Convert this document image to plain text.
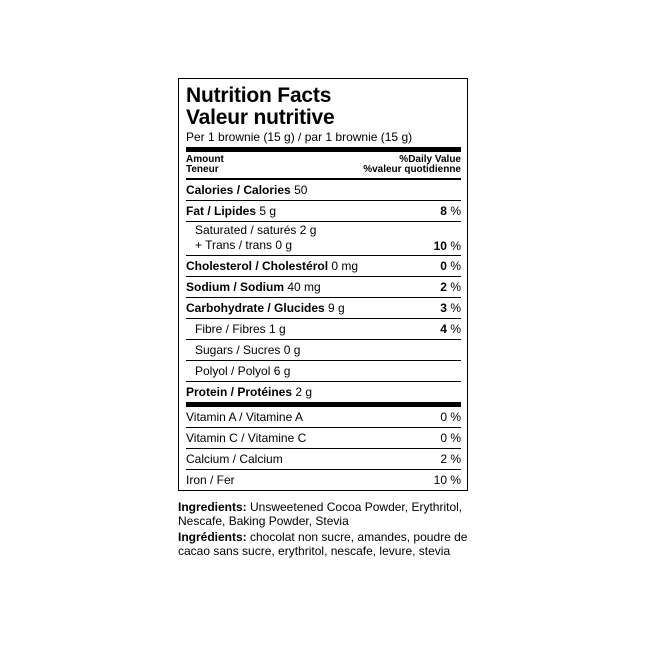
Nutrition Facts
Valeur nutritive
Per 1 brownie (15 g) / par 1 brownie (15 g)
Amount
Teneur
%Daily Value
%valeur quotidienne
Calories / Calories 50
Fat / Lipides 5 g	8 %
Saturated / saturés 2 g
+ Trans / trans 0 g	10 %
Cholesterol / Cholestérol 0 mg	0 %
Sodium / Sodium 40 mg	2 %
Carbohydrate / Glucides 9 g	3 %
Fibre / Fibres 1 g	4 %
Sugars / Sucres 0 g
Polyol / Polyol 6 g
Protein / Protéines 2 g
Vitamin A / Vitamine A	0 %
Vitamin C / Vitamine C	0 %
Calcium / Calcium	2 %
Iron / Fer	10 %

Ingredients: Unsweetened Cocoa Powder, Erythritol, Nescafe, Baking Powder, Stevia

Ingrédients: chocolat non sucre, amandes, poudre de cacao sans sucre, erythritol, nescafe, levure, stevia
